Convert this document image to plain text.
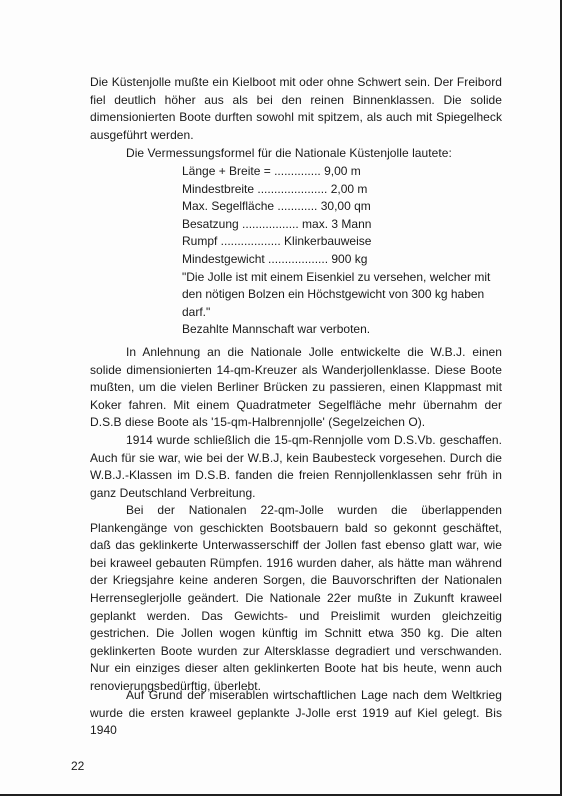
Die Küstenjolle mußte ein Kielboot mit oder ohne Schwert sein. Der Freibord fiel deutlich höher aus als bei den reinen Binnenklassen. Die solide dimensionierten Boote durften sowohl mit spitzem, als auch mit Spiegelheck ausgeführt werden.

Die Vermessungsformel für die Nationale Küstenjolle lautete:

Länge + Breite = .............. 9,00 m
Mindestbreite ..................... 2,00 m
Max. Segelfläche ............ 30,00 qm
Besatzung ................. max. 3 Mann
Rumpf .................. Klinkerbauweise
Mindestgewicht .................. 900 kg

"Die Jolle ist mit einem Eisenkiel zu versehen, welcher mit den nötigen Bolzen ein Höchstgewicht von 300 kg haben darf."

Bezahlte Mannschaft war verboten.

In Anlehnung an die Nationale Jolle entwickelte die W.B.J. einen solide dimensionierten 14-qm-Kreuzer als Wanderjollenklasse. Diese Boote mußten, um die vielen Berliner Brücken zu passieren, einen Klappmast mit Koker fahren. Mit einem Quadratmeter Segelfläche mehr übernahm der D.S.B diese Boote als '15-qm-Halbrennjolle' (Segelzeichen O).

1914 wurde schließlich die 15-qm-Rennjolle vom D.S.Vb. geschaffen. Auch für sie war, wie bei der W.B.J, kein Baubesteck vorgesehen. Durch die W.B.J.-Klassen im D.S.B. fanden die freien Rennjollenklassen sehr früh in ganz Deutschland Verbreitung.

Bei der Nationalen 22-qm-Jolle wurden die überlappenden Plankengänge von geschickten Bootsbauern bald so gekonnt geschäftet, daß das geklinkerte Unterwasserschiff der Jollen fast ebenso glatt war, wie bei kraweel gebauten Rümpfen. 1916 wurden daher, als hätte man während der Kriegsjahre keine anderen Sorgen, die Bauvorschriften der Nationalen Herrenseglerjolle geändert. Die Nationale 22er mußte in Zukunft kraweel geplankt werden. Das Gewichts- und Preislimit wurden gleichzeitig gestrichen. Die Jollen wogen künftig im Schnitt etwa 350 kg. Die alten geklinkerten Boote wurden zur Altersklasse degradiert und verschwanden. Nur ein einziges dieser alten geklinkerten Boote hat bis heute, wenn auch renovierungsbedürftig, überlebt.

Auf Grund der miserablen wirtschaftlichen Lage nach dem Weltkrieg wurde die ersten kraweel geplankte J-Jolle erst 1919 auf Kiel gelegt. Bis 1940

22
